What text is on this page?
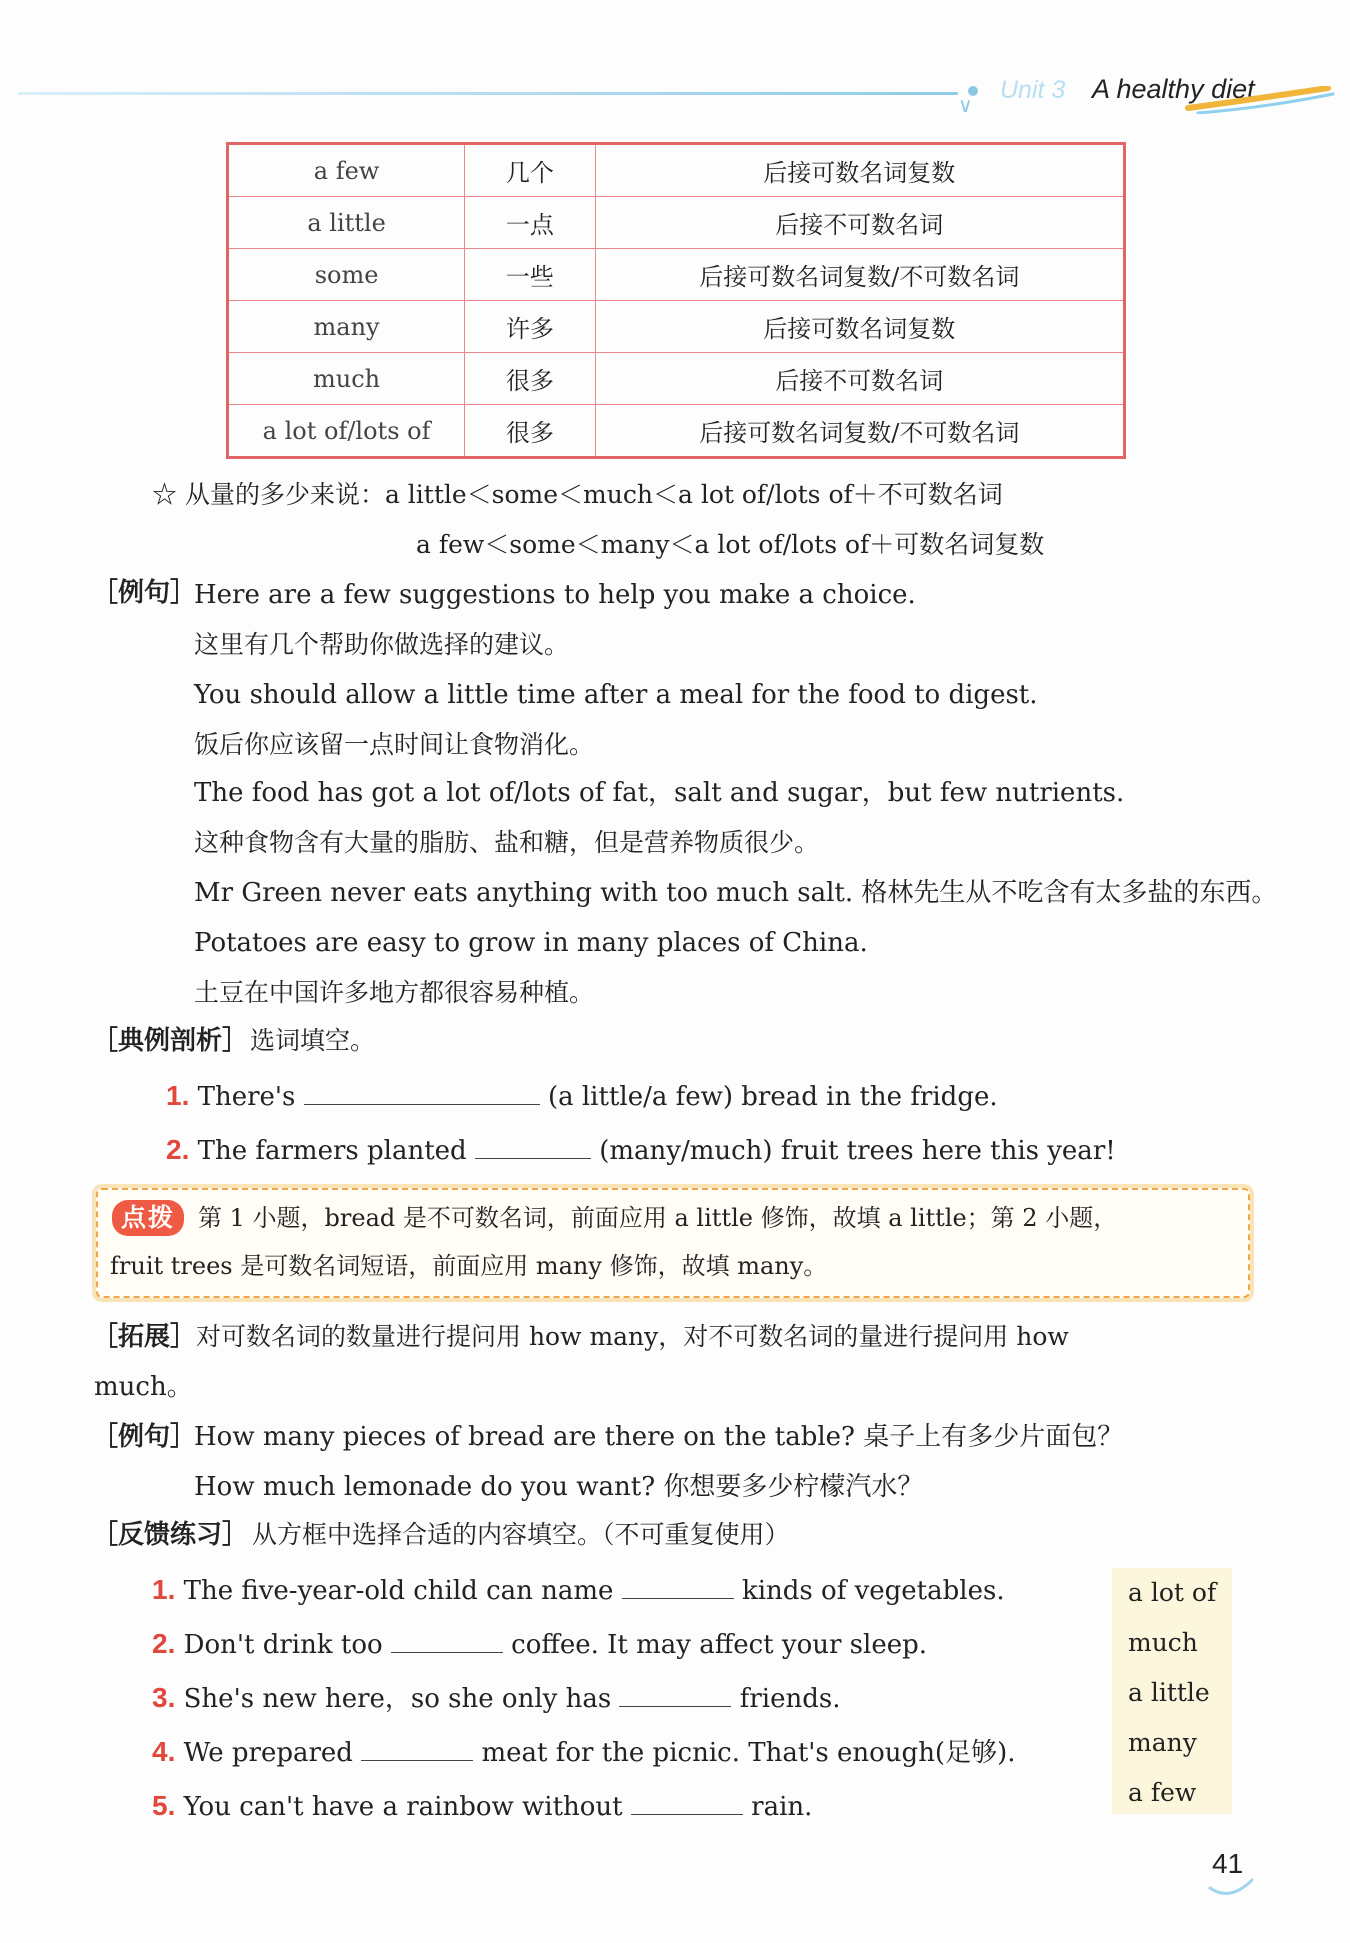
∨
Unit 3 A healthy diet
a few	几个	后接可数名词复数
a little	一点	后接不可数名词
some	一些	后接可数名词复数/不可数名词
many	许多	后接可数名词复数
much	很多	后接不可数名词
a lot of/lots of	很多	后接可数名词复数/不可数名词
☆ 从量的多少来说：a little＜some＜much＜a lot of/lots of＋不可数名词
a few＜some＜many＜a lot of/lots of＋可数名词复数
［例句］
Here are a few suggestions to help you make a choice.
这里有几个帮助你做选择的建议。
You should allow a little time after a meal for the food to digest.
饭后你应该留一点时间让食物消化。
The food has got a lot of/lots of fat，salt and sugar，but few nutrients.
这种食物含有大量的脂肪、盐和糖，但是营养物质很少。
Mr Green never eats anything with too much salt. 格林先生从不吃含有太多盐的东西。
Potatoes are easy to grow in many places of China.
土豆在中国许多地方都很容易种植。
［典例剖析］ 选词填空。
1. There's	(a little/a few) bread in the fridge.
2. The farmers planted	(many/much) fruit trees here this year!
点拨 第 1 小题，bread 是不可数名词，前面应用 a little 修饰，故填 a little；第 2 小题，
fruit trees 是可数名词短语，前面应用 many 修饰，故填 many。
［拓展］ 对可数名词的数量进行提问用 how many，对不可数名词的量进行提问用 how
much。
［例句］
How many pieces of bread are there on the table? 桌子上有多少片面包？
How much lemonade do you want? 你想要多少柠檬汽水？
［反馈练习］ 从方框中选择合适的内容填空。（不可重复使用）
1. The five-year-old child can name	kinds of vegetables.
2. Don't drink too	coffee. It may affect your sleep.
3. She's new here，so she only has	friends.
4. We prepared	meat for the picnic. That's enough(足够).
5. You can't have a rainbow without	rain.
a lot of
much
a little
many
a few
41
